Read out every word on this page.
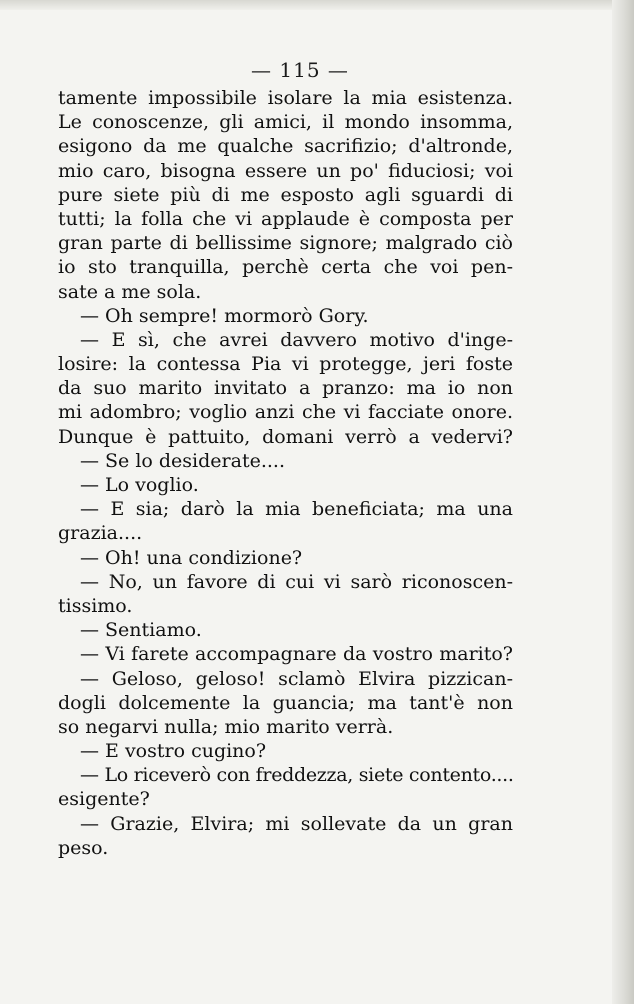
— 115 —
tamente impossibile isolare la mia esistenza.
Le conoscenze, gli amici, il mondo insomma,
esigono da me qualche sacrifizio; d'altronde,
mio caro, bisogna essere un po' fiduciosi; voi
pure siete più di me esposto agli sguardi di
tutti; la folla che vi applaude è composta per
gran parte di bellissime signore; malgrado ciò
io sto tranquilla, perchè certa che voi pen-
sate a me sola.
— Oh sempre! mormorò Gory.
— E sì, che avrei davvero motivo d'inge-
losire: la contessa Pia vi protegge, jeri foste
da suo marito invitato a pranzo: ma io non
mi adombro; voglio anzi che vi facciate onore.
Dunque è pattuito, domani verrò a vedervi?
— Se lo desiderate....
— Lo voglio.
— E sia; darò la mia beneficiata; ma una
grazia....
— Oh! una condizione?
— No, un favore di cui vi sarò riconoscen-
tissimo.
— Sentiamo.
— Vi farete accompagnare da vostro marito?
— Geloso, geloso! sclamò Elvira pizzican-
dogli dolcemente la guancia; ma tant'è non
so negarvi nulla; mio marito verrà.
— E vostro cugino?
— Lo riceverò con freddezza, siete contento....
esigente?
— Grazie, Elvira; mi sollevate da un gran
peso.
